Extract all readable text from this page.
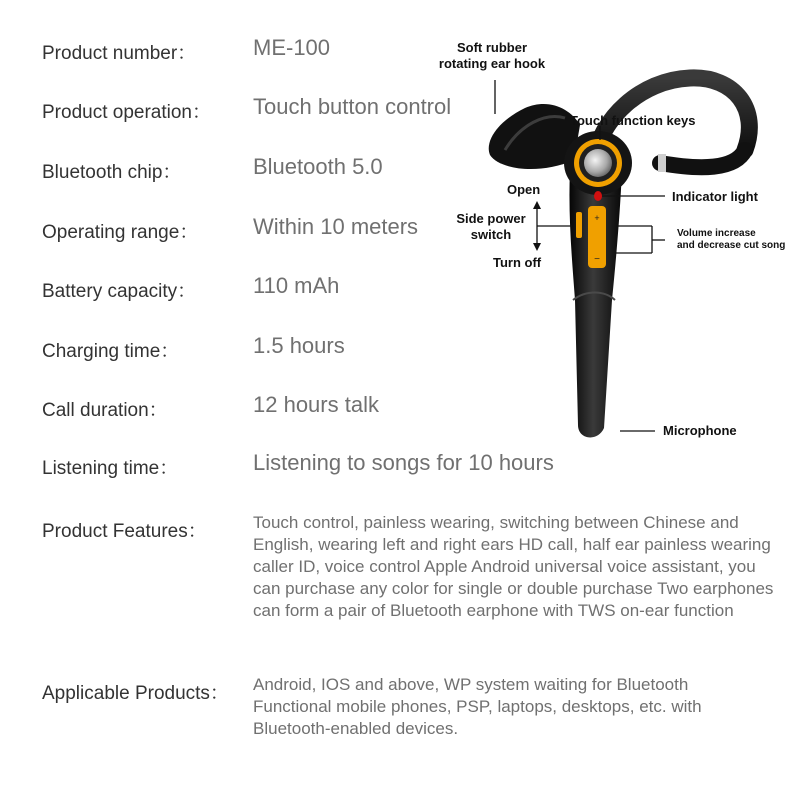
Product number：	ME-100
Product operation： Touch button control
Bluetooth chip：	Bluetooth 5.0
Operating range： Within 10 meters
Battery capacity：	110 mAh
Charging time：	1.5 hours
Call duration：	12 hours talk
Listening time：	Listening to songs for 10 hours
Product Features：	Touch control, painless wearing, switching between Chinese and English, wearing left and right ears HD call, half ear painless wearing caller ID, voice control Apple Android universal voice assistant, you can purchase any color for single or double purchase Two earphones can form a pair of Bluetooth earphone with TWS on-ear function
Applicable Products： Android, IOS and above, WP system waiting for Bluetooth Functional mobile phones, PSP, laptops, desktops, etc. with Bluetooth-enabled devices.
+
−
Soft rubber
rotating ear hook
Touch function keys
Open	Indicator light
Side power
switch	Volume increase
and decrease cut song
Turn off
Microphone
